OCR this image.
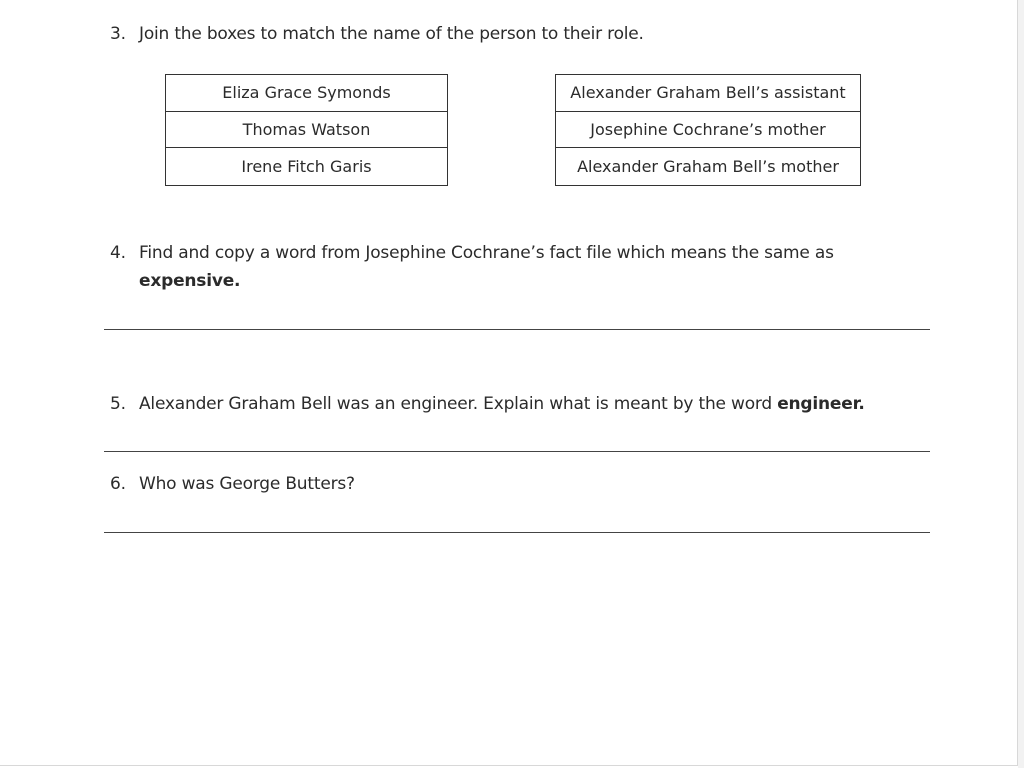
3. Join the boxes to match the name of the person to their role.
Eliza Grace Symonds
Thomas Watson
Irene Fitch Garis
Alexander Graham Bell’s assistant
Josephine Cochrane’s mother
Alexander Graham Bell’s mother
4. Find and copy a word from Josephine Cochrane’s fact file which means the same as
expensive.
5. Alexander Graham Bell was an engineer. Explain what is meant by the word engineer.
6. Who was George Butters?
